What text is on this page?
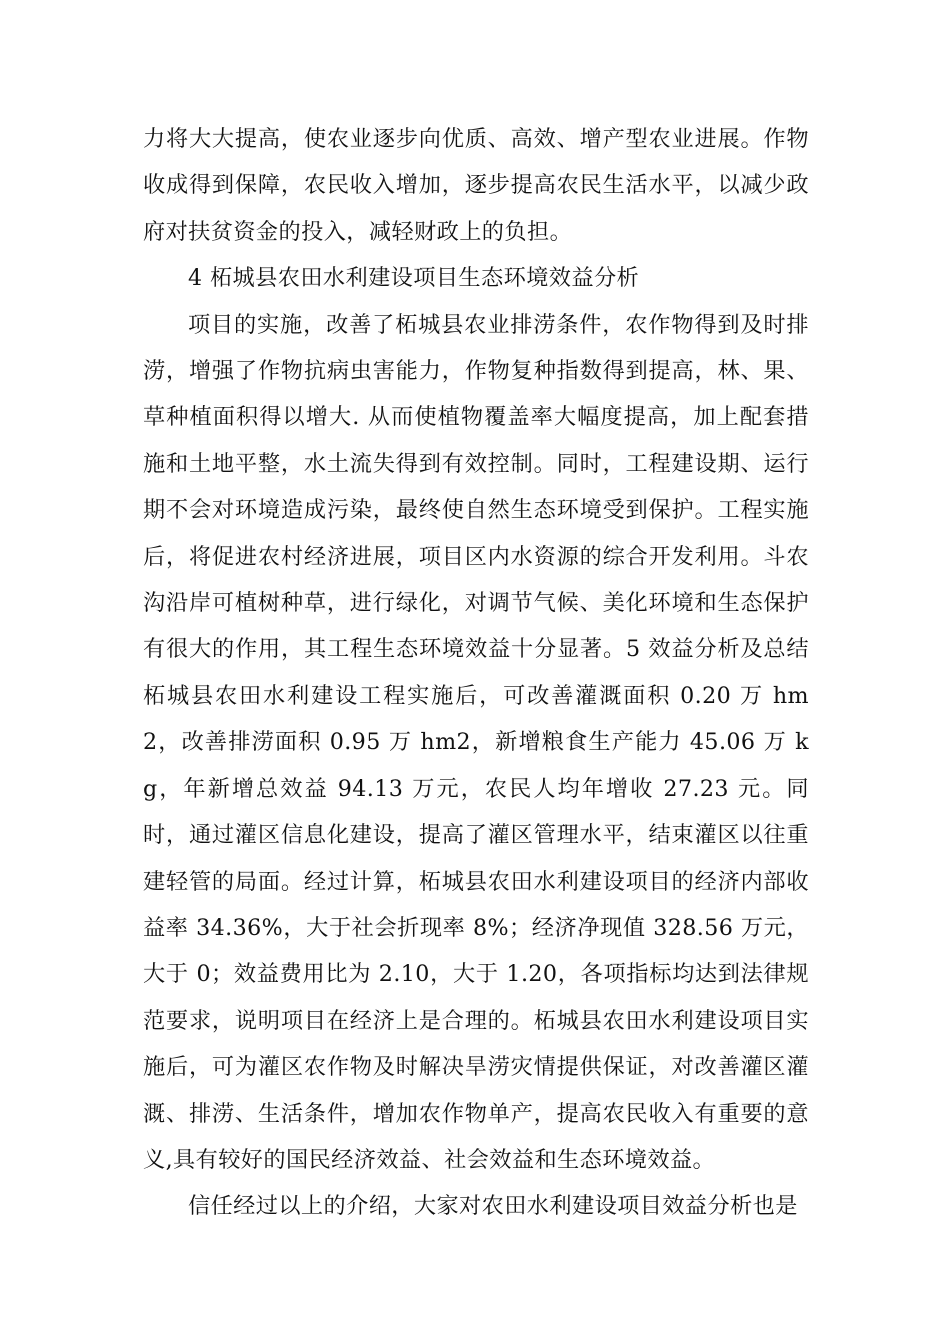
力将大大提高，使农业逐步向优质、高效、增产型农业进展。作物收成得到保障，农民收入增加，逐步提高农民生活水平，以减少政府对扶贫资金的投入，减轻财政上的负担。

4 柘城县农田水利建设项目生态环境效益分析

项目的实施，改善了柘城县农业排涝条件，农作物得到及时排涝，增强了作物抗病虫害能力，作物复种指数得到提高，林、果、草种植面积得以增大. 从而使植物覆盖率大幅度提高，加上配套措施和土地平整，水土流失得到有效控制。同时，工程建设期、运行期不会对环境造成污染，最终使自然生态环境受到保护。工程实施后，将促进农村经济进展，项目区内水资源的综合开发利用。斗农沟沿岸可植树种草，进行绿化，对调节气候、美化环境和生态保护有很大的作用，其工程生态环境效益十分显著。5 效益分析及总结柘城县农田水利建设工程实施后，可改善灌溉面积 0.20 万 hm2，改善排涝面积 0.95 万 hm2，新增粮食生产能力 45.06 万 kg，年新增总效益 94.13 万元，农民人均年增收 27.23 元。同时，通过灌区信息化建设，提高了灌区管理水平，结束灌区以往重建轻管的局面。经过计算，柘城县农田水利建设项目的经济内部收益率 34.36%，大于社会折现率 8%；经济净现值 328.56 万元，大于 0；效益费用比为 2.10，大于 1.20，各项指标均达到法律规范要求，说明项目在经济上是合理的。柘城县农田水利建设项目实施后，可为灌区农作物及时解决旱涝灾情提供保证，对改善灌区灌溉、排涝、生活条件，增加农作物单产，提高农民收入有重要的意义,具有较好的国民经济效益、社会效益和生态环境效益。

信任经过以上的介绍，大家对农田水利建设项目效益分析也是
